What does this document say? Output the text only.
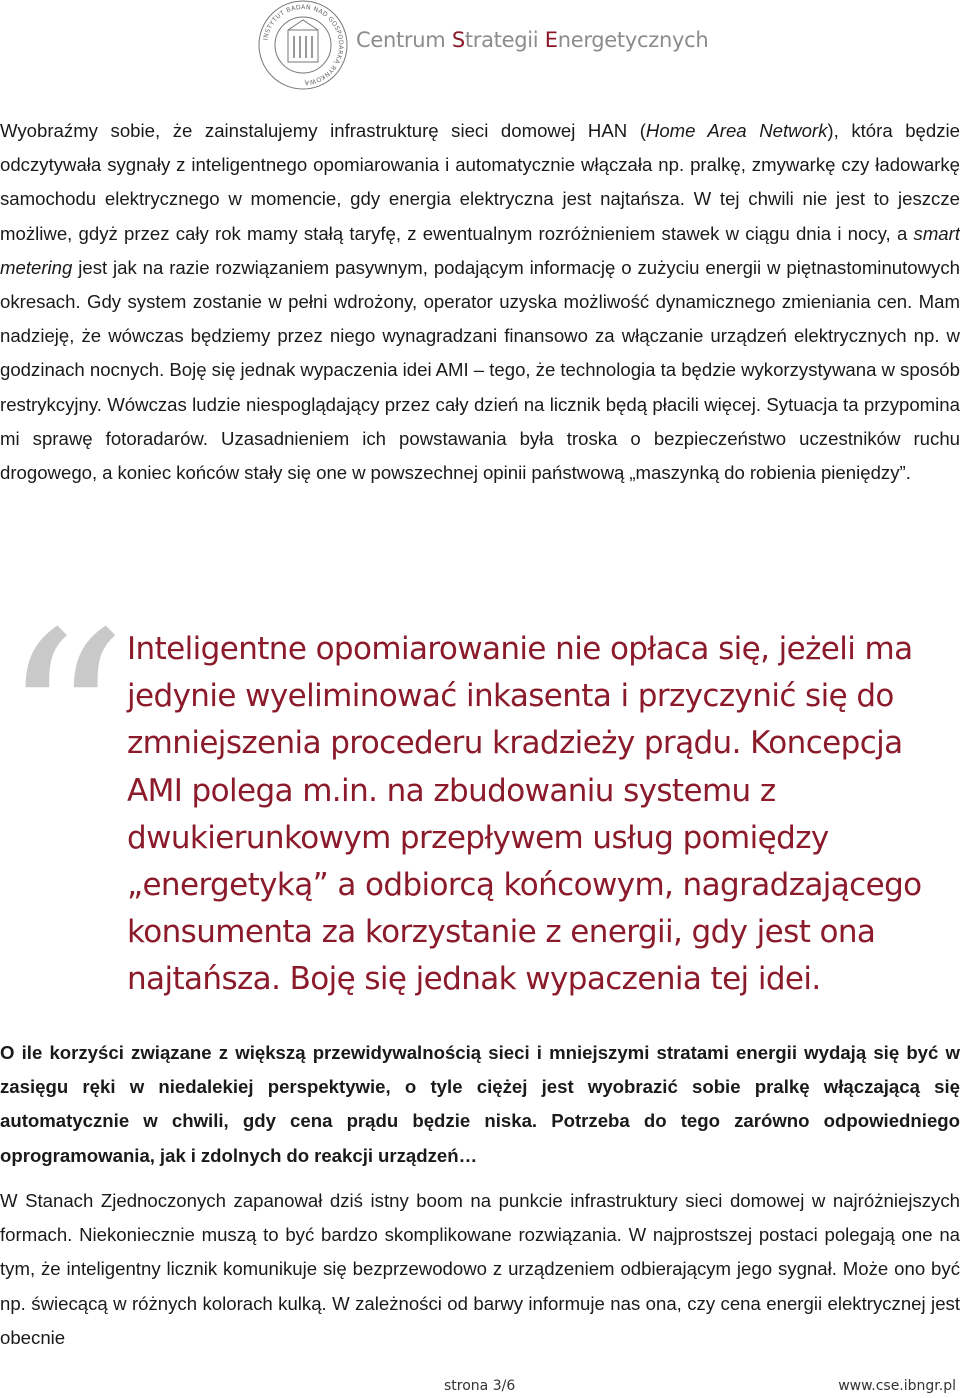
INSTYTUT BADAŃ NAD GOSPODARKĄ RYNKOWĄ
Centrum Strategii Energetycznych

Wyobraźmy sobie, że zainstalujemy infrastrukturę sieci domowej HAN (Home Area Network), która będzie odczytywała sygnały z inteligentnego opomiarowania i automatycznie włączała np. pralkę, zmywarkę czy ładowarkę samochodu elektrycznego w momencie, gdy energia elektryczna jest najtańsza. W tej chwili nie jest to jeszcze możliwe, gdyż przez cały rok mamy stałą taryfę, z ewentualnym rozróżnieniem stawek w ciągu dnia i nocy, a smart metering jest jak na razie rozwiązaniem pasywnym, podającym informację o zużyciu energii w piętnastominutowych okresach. Gdy system zostanie w pełni wdrożony, operator uzyska możliwość dynamicznego zmieniania cen. Mam nadzieję, że wówczas będziemy przez niego wynagradzani finansowo za włączanie urządzeń elektrycznych np. w godzinach nocnych. Boję się jednak wypaczenia idei AMI – tego, że technologia ta będzie wykorzystywana w sposób restrykcyjny. Wówczas ludzie niespoglądający przez cały dzień na licznik będą płacili więcej. Sytuacja ta przypomina mi sprawę fotoradarów. Uzasadnieniem ich powstawania była troska o bezpieczeństwo uczestników ruchu drogowego, a koniec końców stały się one w powszechnej opinii państwową „maszynką do robienia pieniędzy”.

“ Inteligentne opomiarowanie nie opłaca się, jeżeli ma jedynie wyeliminować inkasenta i przyczynić się do zmniejszenia procederu kradzieży prądu. Koncepcja AMI polega m.in. na zbudowaniu systemu z dwukierunkowym przepływem usług pomiędzy „energetyką” a odbiorcą końcowym, nagradzającego konsumenta za korzystanie z energii, gdy jest ona najtańsza. Boję się jednak wypaczenia tej idei.

O ile korzyści związane z większą przewidywalnością sieci i mniejszymi stratami energii wydają się być w zasięgu ręki w niedalekiej perspektywie, o tyle ciężej jest wyobrazić sobie pralkę włączającą się automatycznie w chwili, gdy cena prądu będzie niska. Potrzeba do tego zarówno odpowiedniego oprogramowania, jak i zdolnych do reakcji urządzeń…

W Stanach Zjednoczonych zapanował dziś istny boom na punkcie infrastruktury sieci domowej w najróżniejszych formach. Niekoniecznie muszą to być bardzo skomplikowane rozwiązania. W najprostszej postaci polegają one na tym, że inteligentny licznik komunikuje się bezprzewodowo z urządzeniem odbierającym jego sygnał. Może ono być np. świecącą w różnych kolorach kulką. W zależności od barwy informuje nas ona, czy cena energii elektrycznej jest obecnie

strona 3/6	www.cse.ibngr.pl
